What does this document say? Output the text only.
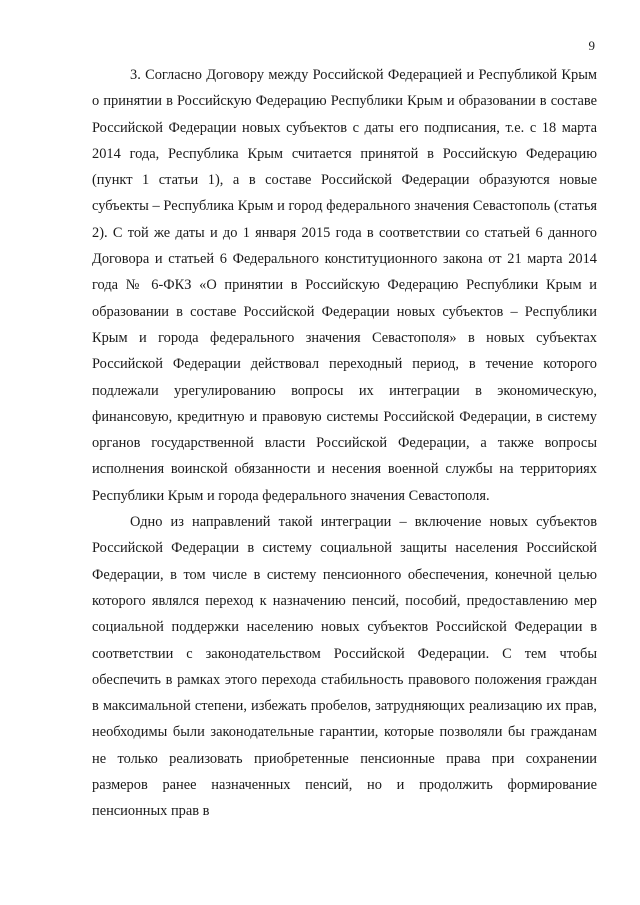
9

3. Согласно Договору между Российской Федерацией и Республикой Крым о принятии в Российскую Федерацию Республики Крым и образовании в составе Российской Федерации новых субъектов с даты его подписания, т.е. с 18 марта 2014 года, Республика Крым считается принятой в Российскую Федерацию (пункт 1 статьи 1), а в составе Российской Федерации образуются новые субъекты – Республика Крым и город федерального значения Севастополь (статья 2). С той же даты и до 1 января 2015 года в соответствии со статьей 6 данного Договора и статьей 6 Федерального конституционного закона от 21 марта 2014 года № 6-ФКЗ «О принятии в Российскую Федерацию Республики Крым и образовании в составе Российской Федерации новых субъектов – Республики Крым и города федерального значения Севастополя» в новых субъектах Российской Федерации действовал переходный период, в течение которого подлежали урегулированию вопросы их интеграции в экономическую, финансовую, кредитную и правовую системы Российской Федерации, в систему органов государственной власти Российской Федерации, а также вопросы исполнения воинской обязанности и несения военной службы на территориях Республики Крым и города федерального значения Севастополя.

Одно из направлений такой интеграции – включение новых субъектов Российской Федерации в систему социальной защиты населения Российской Федерации, в том числе в систему пенсионного обеспечения, конечной целью которого являлся переход к назначению пенсий, пособий, предоставлению мер социальной поддержки населению новых субъектов Российской Федерации в соответствии с законодательством Российской Федерации. С тем чтобы обеспечить в рамках этого перехода стабильность правового положения граждан в максимальной степени, избежать пробелов, затрудняющих реализацию их прав, необходимы были законодательные гарантии, которые позволяли бы гражданам не только реализовать приобретенные пенсионные права при сохранении размеров ранее назначенных пенсий, но и продолжить формирование пенсионных прав в
